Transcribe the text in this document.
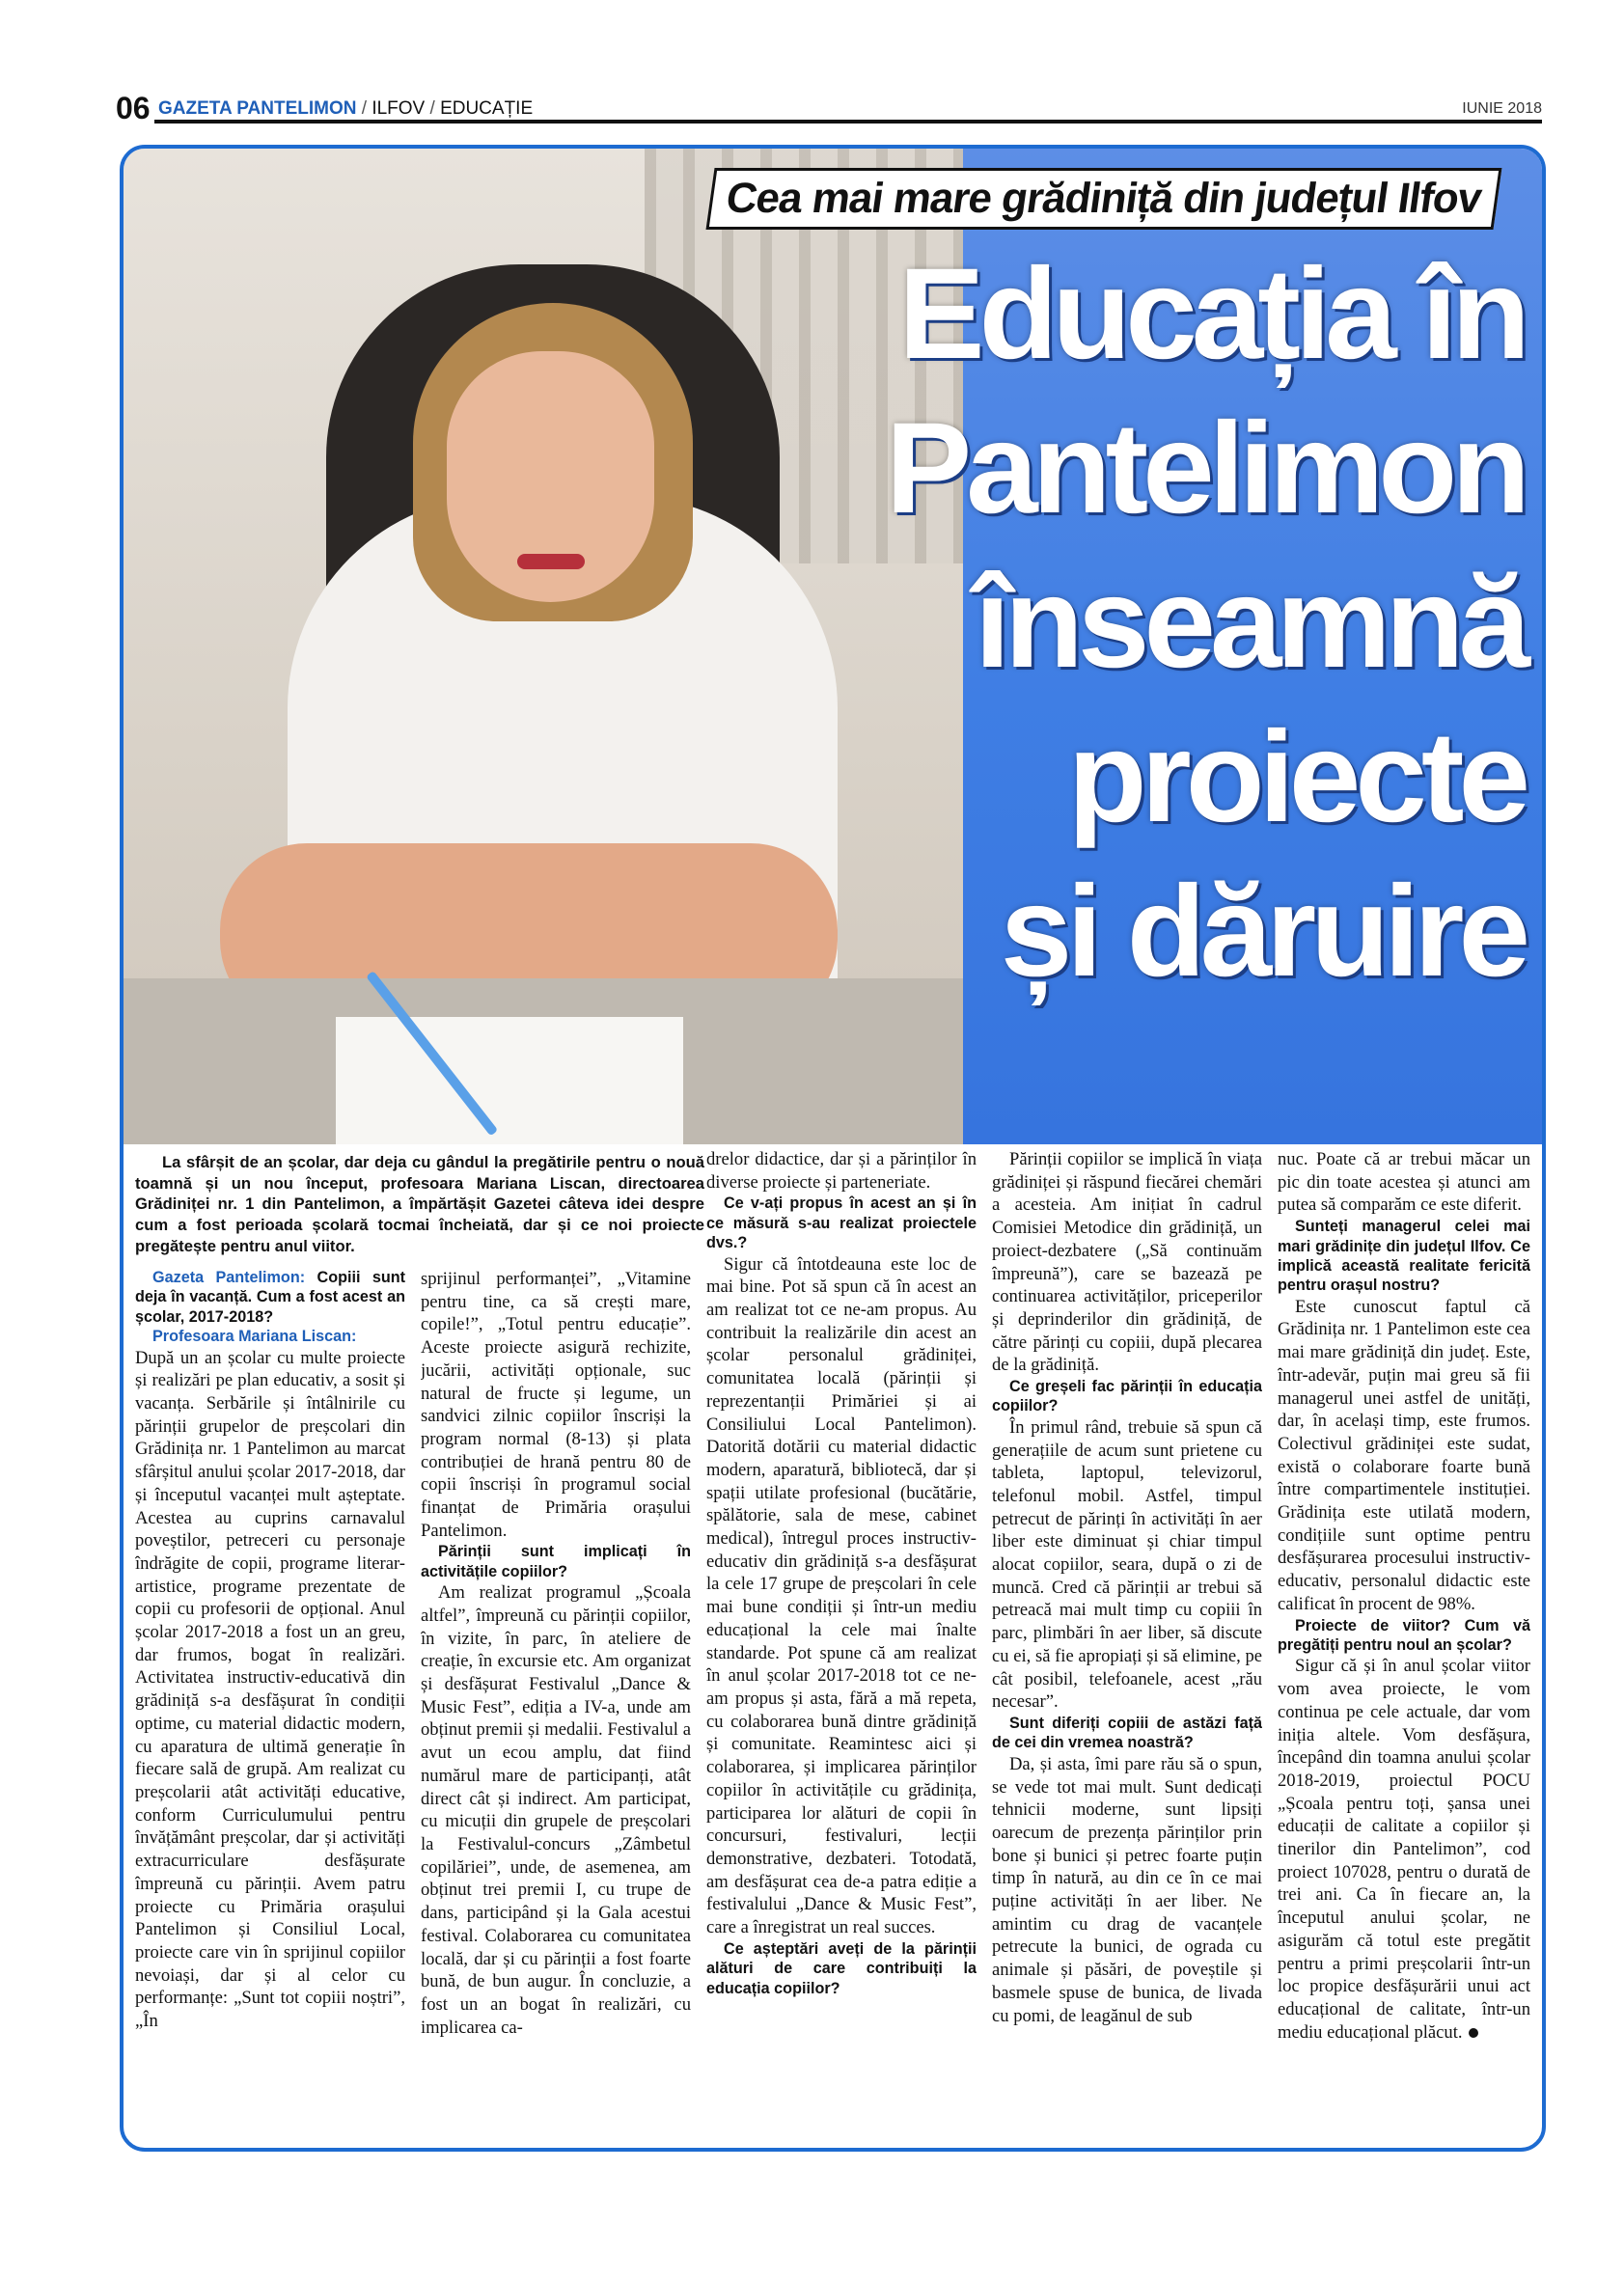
06 GAZETA PANTELIMON / ILFOV / EDUCAȚIE	IUNIE 2018
Cea mai mare grădiniță din județul Ilfov
Educația în
Pantelimon
înseamnă
proiecte
și dăruire

La sfârșit de an școlar, dar deja cu gândul la pregătirile pentru o nouă toamnă și un nou început, profesoara Mariana Liscan, directoarea Grădiniței nr. 1 din Pantelimon, a împărtășit Gazetei câteva idei despre cum a fost perioada școlară tocmai încheiată, dar și ce noi proiecte pregătește pentru anul viitor.

Gazeta Pantelimon: Copiii sunt deja în vacanță. Cum a fost acest an școlar, 2017-2018?

Profesoara Mariana Liscan:

După un an școlar cu multe proiecte și realizări pe plan educativ, a sosit și vacanța. Serbările și întâlnirile cu părinții grupelor de preșcolari din Grădinița nr. 1 Pantelimon au marcat sfârșitul anului școlar 2017-2018, dar și începutul vacanței mult așteptate. Acestea au cuprins carnavalul poveștilor, petreceri cu personaje îndrăgite de copii, programe literar-artistice, programe prezentate de copii cu profesorii de opțional. Anul școlar 2017-2018 a fost un an greu, dar frumos, bogat în realizări. Activitatea instructiv-educativă din grădiniță s-a desfășurat în condiții optime, cu material didactic modern, cu aparatura de ultimă generație în fiecare sală de grupă. Am realizat cu preșcolarii atât activități educative, conform Curriculumului pentru învățământ preșcolar, dar și activități extracurriculare desfășurate împreună cu părinții. Avem patru proiecte cu Primăria orașului Pantelimon și Consiliul Local, proiecte care vin în sprijinul copiilor nevoiași, dar și al celor cu performanțe: „Sunt tot copiii noștri”, „În

sprijinul performanței”, „Vitamine pentru tine, ca să crești mare, copile!”, „Totul pentru educație”. Aceste proiecte asigură rechizite, jucării, activități opționale, suc natural de fructe și legume, un sandvici zilnic copiilor înscriși la program normal (8-13) și plata contribuției de hrană pentru 80 de copii înscriși în programul social finanțat de Primăria orașului Pantelimon.

Părinții sunt implicați în activitățile copiilor?

Am realizat programul „Școala altfel”, împreună cu părinții copiilor, în vizite, în parc, în ateliere de creație, în excursie etc. Am organizat și desfășurat Festivalul „Dance & Music Fest”, ediția a IV-a, unde am obținut premii și medalii. Festivalul a avut un ecou amplu, dat fiind numărul mare de participanți, atât direct cât și indirect. Am participat, cu micuții din grupele de preșcolari la Festivalul-concurs „Zâmbetul copilăriei”, unde, de asemenea, am obținut trei premii I, cu trupe de dans, participând și la Gala acestui festival. Colaborarea cu comunitatea locală, dar și cu părinții a fost foarte bună, de bun augur. În concluzie, a fost un an bogat în realizări, cu implicarea ca-

drelor didactice, dar și a părinților în diverse proiecte și parteneriate.

Ce v-ați propus în acest an și în ce măsură s-au realizat proiectele dvs.?

Sigur că întotdeauna este loc de mai bine. Pot să spun că în acest an am realizat tot ce ne-am propus. Au contribuit la realizările din acest an școlar personalul grădiniței, comunitatea locală (părinții și reprezentanții Primăriei și ai Consiliului Local Pantelimon). Datorită dotării cu material didactic modern, aparatură, bibliotecă, dar și spații utilate profesional (bucătărie, spălătorie, sala de mese, cabinet medical), întregul proces instructiv-educativ din grădiniță s-a desfășurat la cele 17 grupe de preșcolari în cele mai bune condiții și într-un mediu educațional la cele mai înalte standarde. Pot spune că am realizat în anul școlar 2017-2018 tot ce ne-am propus și asta, fără a mă repeta, cu colaborarea bună dintre grădiniță și comunitate. Reamintesc aici și colaborarea, și implicarea părinților copiilor în activitățile cu grădinița, participarea lor alături de copii în concursuri, festivaluri, lecții demonstrative, dezbateri. Totodată, am desfășurat cea de-a patra ediție a festivalului „Dance & Music Fest”, care a înregistrat un real succes.

Ce așteptări aveți de la părinții alături de care contribuiți la educația copiilor?

Părinții copiilor se implică în viața grădiniței și răspund fiecărei chemări a acesteia. Am inițiat în cadrul Comisiei Metodice din grădiniță, un proiect-dezbatere („Să continuăm împreună”), care se bazează pe continuarea activităților, priceperilor și deprinderilor din grădiniță, de către părinți cu copiii, după plecarea de la grădiniță.

Ce greșeli fac părinții în educația copiilor?

În primul rând, trebuie să spun că generațiile de acum sunt prietene cu tableta, laptopul, televizorul, telefonul mobil. Astfel, timpul petrecut de părinți în activități în aer liber este diminuat și chiar timpul alocat copiilor, seara, după o zi de muncă. Cred că părinții ar trebui să petreacă mai mult timp cu copiii în parc, plimbări în aer liber, să discute cu ei, să fie apropiați și să elimine, pe cât posibil, telefoanele, acest „rău necesar”.

Sunt diferiți copiii de astăzi față de cei din vremea noastră?

Da, și asta, îmi pare rău să o spun, se vede tot mai mult. Sunt dedicați tehnicii moderne, sunt lipsiți oarecum de prezența părinților prin bone și bunici și petrec foarte puțin timp în natură, au din ce în ce mai puține activități în aer liber. Ne amintim cu drag de vacanțele petrecute la bunici, de ograda cu animale și păsări, de poveștile și basmele spuse de bunica, de livada cu pomi, de leagănul de sub

nuc. Poate că ar trebui măcar un pic din toate acestea și atunci am putea să comparăm ce este diferit.

Sunteți managerul celei mai mari grădinițe din județul Ilfov. Ce implică această realitate fericită pentru orașul nostru?

Este cunoscut faptul că Grădinița nr. 1 Pantelimon este cea mai mare grădiniță din județ. Este, într-adevăr, puțin mai greu să fii managerul unei astfel de unități, dar, în același timp, este frumos. Colectivul grădiniței este sudat, există o colaborare foarte bună între compartimentele instituției. Grădinița este utilată modern, condițiile sunt optime pentru desfășurarea procesului instructiv-educativ, personalul didactic este calificat în procent de 98%.

Proiecte de viitor? Cum vă pregătiți pentru noul an școlar?

Sigur că și în anul școlar viitor vom avea proiecte, le vom continua pe cele actuale, dar vom iniția altele. Vom desfășura, începând din toamna anului școlar 2018-2019, proiectul POCU „Școala pentru toți, șansa unei educații de calitate a copiilor și tinerilor din Pantelimon”, cod proiect 107028, pentru o durată de trei ani. Ca în fiecare an, la începutul anului școlar, ne asigurăm că totul este pregătit pentru a primi preșcolarii într-un loc propice desfășurării unui act educațional de calitate, într-un mediu educațional plăcut.
